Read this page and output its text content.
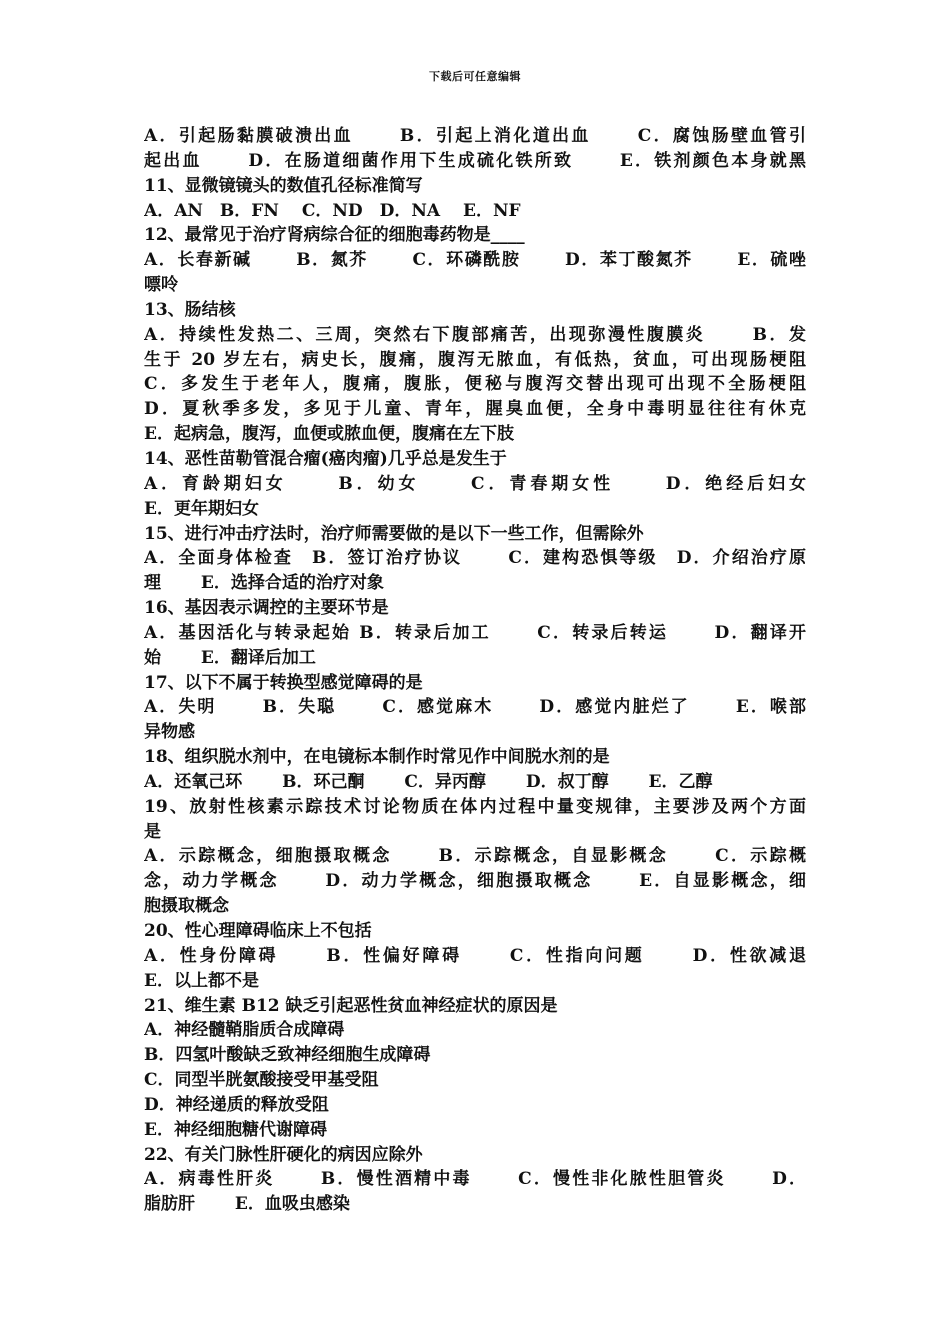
下载后可任意编辑
A．引起肠黏膜破溃出血　　 B．引起上消化道出血　　 C．腐蚀肠壁血管引
起出血　　 D．在肠道细菌作用下生成硫化铁所致　　 E．铁剂颜色本身就黑
11、显微镜镜头的数值孔径标准简写
A．AN　B．FN　 C．ND　D．NA　 E．NF
12、最常见于治疗肾病综合征的细胞毒药物是____
A．长春新碱　　 B．氮芥　　 C．环磷酰胺　　 D．苯丁酸氮芥　　 E．硫唑
嘌呤
13、肠结核
A．持续性发热二、三周，突然右下腹部痛苦，出现弥漫性腹膜炎　　 B．发
生于 20 岁左右，病史长，腹痛，腹泻无脓血，有低热，贫血，可出现肠梗阻
C．多发生于老年人，腹痛，腹胀，便秘与腹泻交替出现可出现不全肠梗阻
D．夏秋季多发，多见于儿童、青年，腥臭血便，全身中毒明显往往有休克
E．起病急，腹泻，血便或脓血便，腹痛在左下肢
14、恶性苗勒管混合瘤(癌肉瘤)几乎总是发生于
A．育龄期妇女　　 B．幼女　　 C．青春期女性　　 D．绝经后妇女
E．更年期妇女
15、进行冲击疗法时，治疗师需要做的是以下一些工作，但需除外
A．全面身体检查　B．签订治疗协议　　 C．建构恐惧等级　D．介绍治疗原
理　　 E．选择合适的治疗对象
16、基因表示调控的主要环节是
A．基因活化与转录起始 B．转录后加工　　 C．转录后转运　　 D．翻译开
始　　 E．翻译后加工
17、以下不属于转换型感觉障碍的是
A．失明　　 B．失聪　　 C．感觉麻木　　 D．感觉内脏烂了　　 E．喉部
异物感
18、组织脱水剂中，在电镜标本制作时常见作中间脱水剂的是
A．还氧己环　　 B．环己酮　　 C．异丙醇　　 D．叔丁醇　　 E．乙醇
19、放射性核素示踪技术讨论物质在体内过程中量变规律，主要涉及两个方面
是
A．示踪概念，细胞摄取概念　　 B．示踪概念，自显影概念　　 C．示踪概
念，动力学概念　　 D．动力学概念，细胞摄取概念　　 E．自显影概念，细
胞摄取概念
20、性心理障碍临床上不包括
A．性身份障碍　　 B．性偏好障碍　　 C．性指向问题　　 D．性欲减退
E．以上都不是
21、维生素 B12 缺乏引起恶性贫血神经症状的原因是
A．神经髓鞘脂质合成障碍
B．四氢叶酸缺乏致神经细胞生成障碍
C．同型半胱氨酸接受甲基受阻
D．神经递质的释放受阻
E．神经细胞糖代谢障碍
22、有关门脉性肝硬化的病因应除外
A．病毒性肝炎　　 B．慢性酒精中毒　　 C．慢性非化脓性胆管炎　　 D．
脂肪肝　　 E．血吸虫感染
